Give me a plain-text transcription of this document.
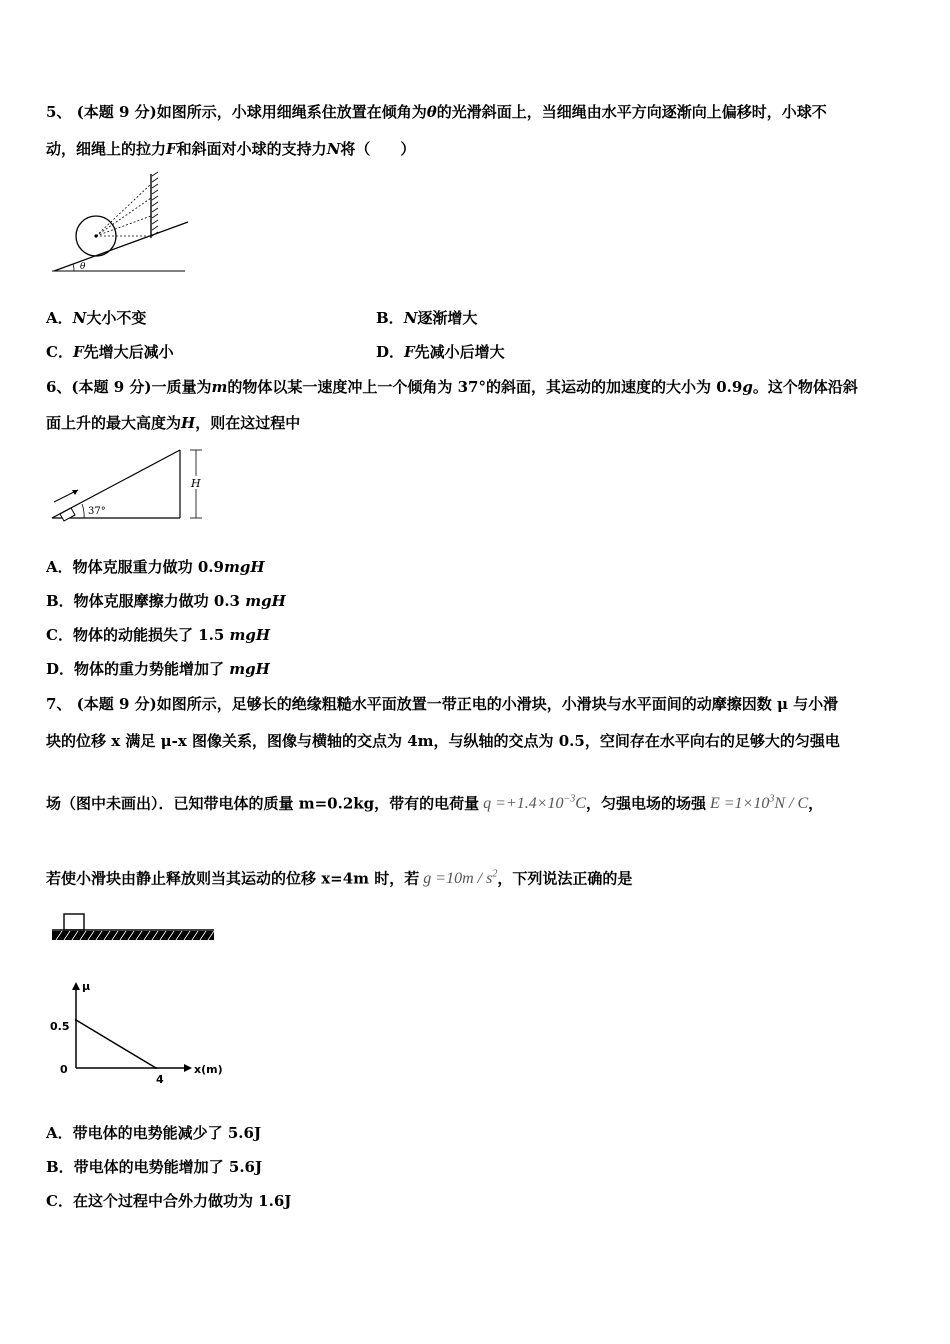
5、 (本题 9 分)如图所示，小球用细绳系住放置在倾角为θ的光滑斜面上，当细绳由水平方向逐渐向上偏移时，小球不
动，细绳上的拉力F和斜面对小球的支持力N将（　　）
θ
A．N大小不变	B．N逐渐增大
C．F先增大后减小	D．F先减小后增大
6、(本题 9 分)一质量为m的物体以某一速度冲上一个倾角为 37°的斜面，其运动的加速度的大小为 0.9g。这个物体沿斜
面上升的最大高度为H，则在这过程中
37°
H
A．物体克服重力做功 0.9mgH
B．物体克服摩擦力做功 0.3 mgH
C．物体的动能损失了 1.5 mgH
D．物体的重力势能增加了 mgH
7、 (本题 9 分)如图所示，足够长的绝缘粗糙水平面放置一带正电的小滑块，小滑块与水平面间的动摩擦因数 μ 与小滑
块的位移 x 满足 μ-x 图像关系，图像与横轴的交点为 4m，与纵轴的交点为 0.5，空间存在水平向右的足够大的匀强电
场（图中未画出）．已知带电体的质量 m=0.2kg，带有的电荷量 $q =+1.4\times 10^{-3}C$，匀强电场的场强 $E =1\times 10^3N / C$，
若使小滑块由静止释放则当其运动的位移 x=4m 时，若 $g =10m / s^2$，下列说法正确的是
μ
x(m)
0.5
0
4
A．带电体的电势能减少了 5.6J
B．带电体的电势能增加了 5.6J
C．在这个过程中合外力做功为 1.6J
